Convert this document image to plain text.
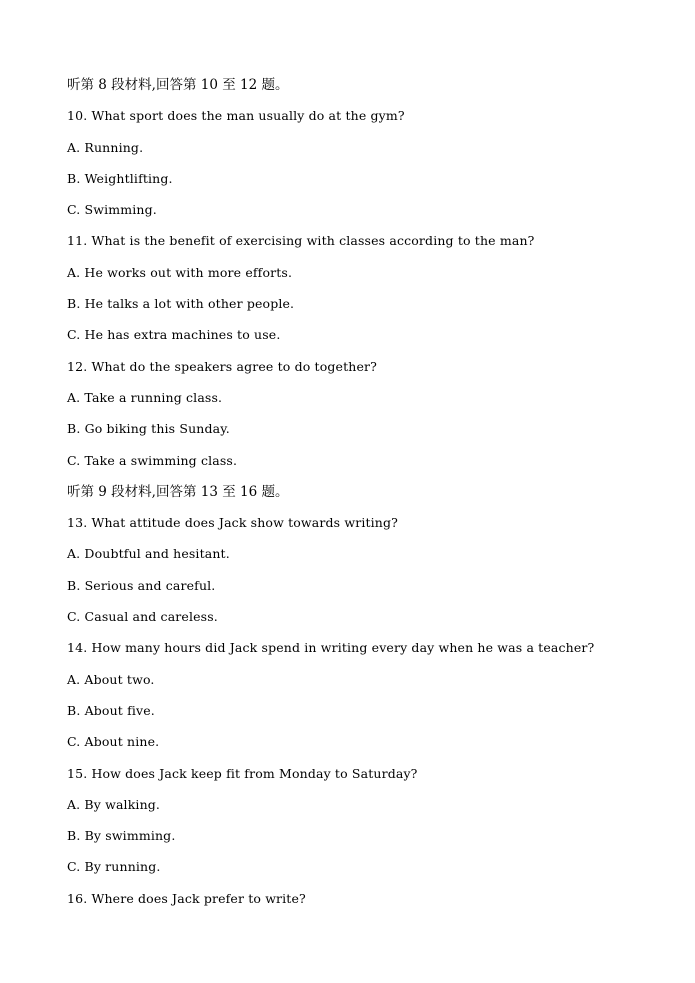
听第 8 段材料,回答第 10 至 12 题。
10. What sport does the man usually do at the gym?
A. Running.
B. Weightlifting.
C. Swimming.
11. What is the benefit of exercising with classes according to the man?
A. He works out with more efforts.
B. He talks a lot with other people.
C. He has extra machines to use.
12. What do the speakers agree to do together?
A. Take a running class.
B. Go biking this Sunday.
C. Take a swimming class.
听第 9 段材料,回答第 13 至 16 题。
13. What attitude does Jack show towards writing?
A. Doubtful and hesitant.
B. Serious and careful.
C. Casual and careless.
14. How many hours did Jack spend in writing every day when he was a teacher?
A. About two.
B. About five.
C. About nine.
15. How does Jack keep fit from Monday to Saturday?
A. By walking.
B. By swimming.
C. By running.
16. Where does Jack prefer to write?
